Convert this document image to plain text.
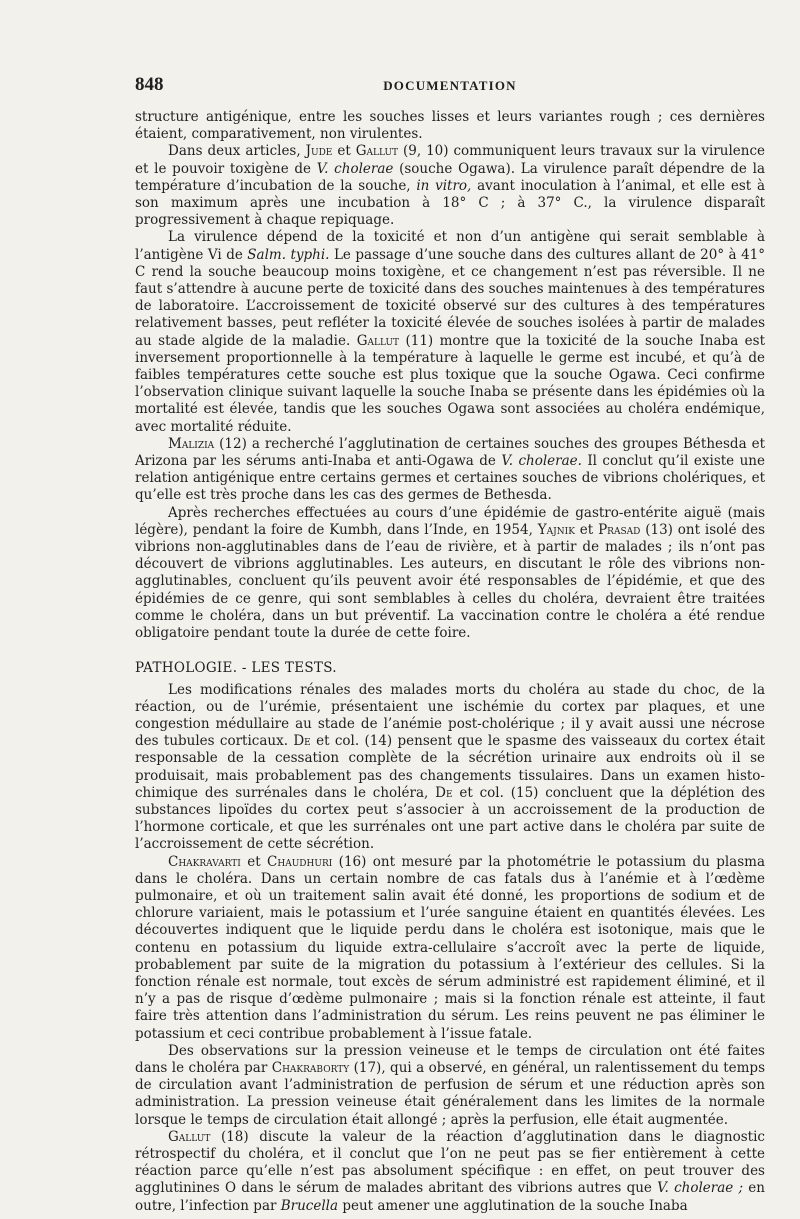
848	DOCUMENTATION

structure antigénique, entre les souches lisses et leurs variantes rough ; ces dernières étaient, comparativement, non virulentes.

Dans deux articles, Jude et Gallut (9, 10) communiquent leurs travaux sur la virulence et le pouvoir toxigène de V. cholerae (souche Ogawa). La virulence paraît dépendre de la température d’incubation de la souche, in vitro, avant inoculation à l’animal, et elle est à son maximum après une incubation à 18° C ; à 37° C., la virulence disparaît progressivement à chaque repiquage.

La virulence dépend de la toxicité et non d’un antigène qui serait semblable à l’antigène Vi de Salm. typhi. Le passage d’une souche dans des cultures allant de 20° à 41° C rend la souche beaucoup moins toxigène, et ce changement n’est pas réversible. Il ne faut s’attendre à aucune perte de toxicité dans des souches maintenues à des températures de laboratoire. L’accroissement de toxicité observé sur des cultures à des températures relativement basses, peut refléter la toxicité élevée de souches isolées à partir de malades au stade algide de la maladie. Gallut (11) montre que la toxicité de la souche Inaba est inversement proportionnelle à la température à laquelle le germe est incubé, et qu’à de faibles températures cette souche est plus toxique que la souche Ogawa. Ceci confirme l’observation clinique suivant laquelle la souche Inaba se présente dans les épidémies où la mortalité est élevée, tandis que les souches Ogawa sont associées au choléra endémique, avec mortalité réduite.

Malizia (12) a recherché l’agglutination de certaines souches des groupes Béthesda et Arizona par les sérums anti-Inaba et anti-Ogawa de V. cholerae. Il conclut qu’il existe une relation antigénique entre certains germes et certaines souches de vibrions cholériques, et qu’elle est très proche dans les cas des germes de Bethesda.

Après recherches effectuées au cours d’une épidémie de gastro-entérite aiguë (mais légère), pendant la foire de Kumbh, dans l’Inde, en 1954, Yajnik et Prasad (13) ont isolé des vibrions non-agglutinables dans de l’eau de rivière, et à partir de malades ; ils n’ont pas découvert de vibrions agglutinables. Les auteurs, en discutant le rôle des vibrions non-agglutinables, concluent qu’ils peuvent avoir été responsables de l’épidémie, et que des épidémies de ce genre, qui sont semblables à celles du choléra, devraient être traitées comme le choléra, dans un but préventif. La vaccination contre le choléra a été rendue obligatoire pendant toute la durée de cette foire.

PATHOLOGIE. - LES TESTS.

Les modifications rénales des malades morts du choléra au stade du choc, de la réaction, ou de l’urémie, présentaient une ischémie du cortex par plaques, et une congestion médullaire au stade de l’anémie post-cholérique ; il y avait aussi une nécrose des tubules corticaux. De et col. (14) pensent que le spasme des vaisseaux du cortex était responsable de la cessation complète de la sécrétion urinaire aux endroits où il se produisait, mais probablement pas des changements tissulaires. Dans un examen histo-chimique des surrénales dans le choléra, De et col. (15) concluent que la déplétion des substances lipoïdes du cortex peut s’associer à un accroissement de la production de l’hormone corticale, et que les surrénales ont une part active dans le choléra par suite de l’accroissement de cette sécrétion.

Chakravarti et Chaudhuri (16) ont mesuré par la photométrie le potassium du plasma dans le choléra. Dans un certain nombre de cas fatals dus à l’anémie et à l’œdème pulmonaire, et où un traitement salin avait été donné, les proportions de sodium et de chlorure variaient, mais le potassium et l’urée sanguine étaient en quantités élevées. Les découvertes indiquent que le liquide perdu dans le choléra est isotonique, mais que le contenu en potassium du liquide extra-cellulaire s’accroît avec la perte de liquide, probablement par suite de la migration du potassium à l’extérieur des cellules. Si la fonction rénale est normale, tout excès de sérum administré est rapidement éliminé, et il n’y a pas de risque d’œdème pulmonaire ; mais si la fonction rénale est atteinte, il faut faire très attention dans l’administration du sérum. Les reins peuvent ne pas éliminer le potassium et ceci contribue probablement à l’issue fatale.

Des observations sur la pression veineuse et le temps de circulation ont été faites dans le choléra par Chakraborty (17), qui a observé, en général, un ralentissement du temps de circulation avant l’administration de perfusion de sérum et une réduction après son administration. La pression veineuse était généralement dans les limites de la normale lorsque le temps de circulation était allongé ; après la perfusion, elle était augmentée.

Gallut (18) discute la valeur de la réaction d’agglutination dans le diagnostic rétrospectif du choléra, et il conclut que l’on ne peut pas se fier entièrement à cette réaction parce qu’elle n’est pas absolument spécifique : en effet, on peut trouver des agglutinines O dans le sérum de malades abritant des vibrions autres que V. cholerae ; en outre, l’infection par Brucella peut amener une agglutination de la souche Inaba
